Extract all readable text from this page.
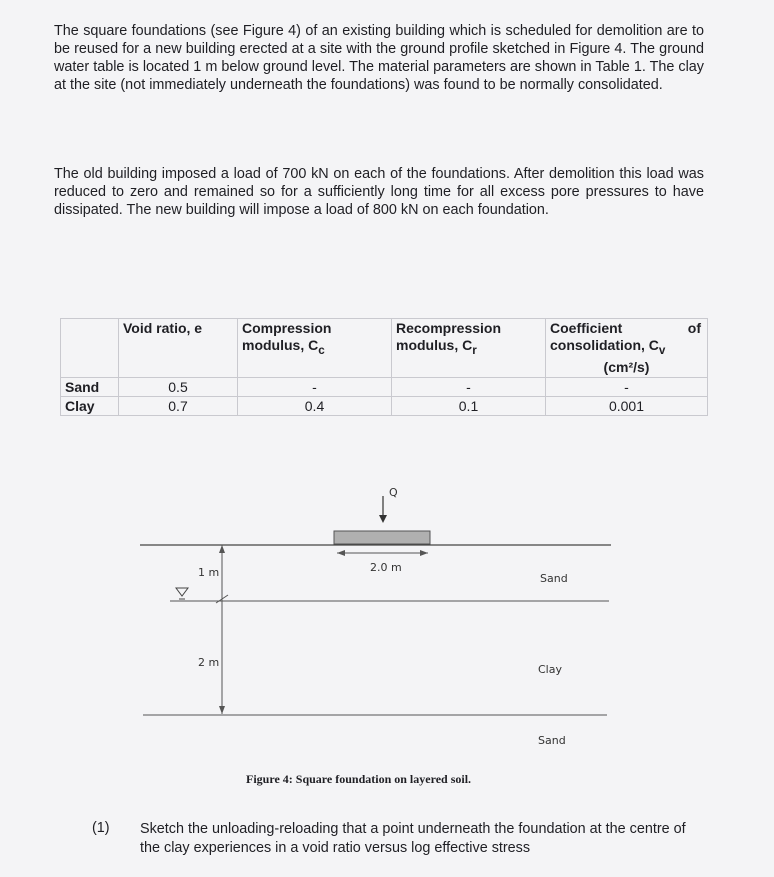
The square foundations (see Figure 4) of an existing building which is scheduled for demolition are to be reused for a new building erected at a site with the ground profile sketched in Figure 4. The ground water table is located 1 m below ground level. The material parameters are shown in Table 1. The clay at the site (not immediately underneath the foundations) was found to be normally consolidated.

The old building imposed a load of 700 kN on each of the foundations. After demolition this load was reduced to zero and remained so for a sufficiently long time for all excess pore pressures to have dissipated. The new building will impose a load of 800 kN on each foundation.

	Void ratio, e	Compression modulus, $C_c$	Recompression modulus, $C_r$	Coefficient of

consolidation, $C_v$
(cm²/s)

Sand	0.5	-	-	-
Clay	0.7	0.4	0.1	0.001
Q
2.0 m
1 m
2 m
Sand
Clay
Sand
Figure 4: Square foundation on layered soil.
(1) Sketch the unloading-reloading that a point underneath the foundation at the centre of the clay experiences in a void ratio versus log effective stress
